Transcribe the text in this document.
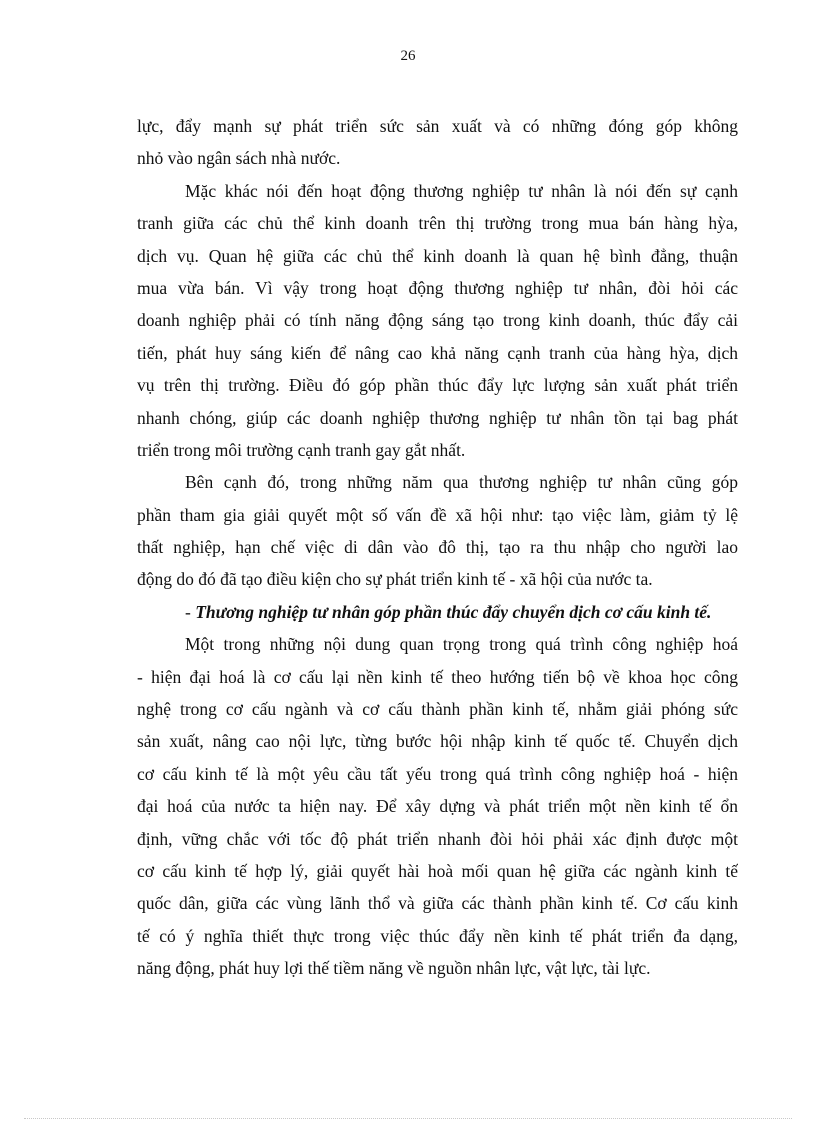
26
lực, đẩy mạnh sự phát triển sức sản xuất và có những đóng góp không
nhỏ vào ngân sách nhà nước.
Mặc khác nói đến hoạt động thương nghiệp tư nhân là nói đến sự cạnh
tranh giữa các chủ thể kinh doanh trên thị trường trong mua bán hàng hỳa,
dịch vụ. Quan hệ giữa các chủ thể kinh doanh là quan hệ bình đẳng, thuận
mua vừa bán. Vì vậy trong hoạt động thương nghiệp tư nhân, đòi hỏi các
doanh nghiệp phải có tính năng động sáng tạo trong kinh doanh, thúc đẩy cải
tiến, phát huy sáng kiến để nâng cao khả năng cạnh tranh của hàng hỳa, dịch
vụ trên thị trường. Điều đó góp phần thúc đẩy lực lượng sản xuất phát triển
nhanh chóng, giúp các doanh nghiệp thương nghiệp tư nhân tồn tại bag phát
triển trong môi trường cạnh tranh gay gắt nhất.
Bên cạnh đó, trong những năm qua thương nghiệp tư nhân cũng góp
phần tham gia giải quyết một số vấn đề xã hội như: tạo việc làm, giảm tỷ lệ
thất nghiệp, hạn chế việc di dân vào đô thị, tạo ra thu nhập cho người lao
động do đó đã tạo điều kiện cho sự phát triển kinh tế - xã hội của nước ta.
- Thương nghiệp tư nhân góp phần thúc đẩy chuyển dịch cơ cấu kinh tế.
Một trong những nội dung quan trọng trong quá trình công nghiệp hoá
- hiện đại hoá là cơ cấu lại nền kinh tế theo hướng tiến bộ về khoa học công
nghệ trong cơ cấu ngành và cơ cấu thành phần kinh tế, nhằm giải phóng sức
sản xuất, nâng cao nội lực, từng bước hội nhập kinh tế quốc tế. Chuyển dịch
cơ cấu kinh tế là một yêu cầu tất yếu trong quá trình công nghiệp hoá - hiện
đại hoá của nước ta hiện nay. Để xây dựng và phát triển một nền kinh tế ổn
định, vững chắc với tốc độ phát triển nhanh đòi hỏi phải xác định được một
cơ cấu kinh tế hợp lý, giải quyết hài hoà mối quan hệ giữa các ngành kinh tế
quốc dân, giữa các vùng lãnh thổ và giữa các thành phần kinh tế. Cơ cấu kinh
tế có ý nghĩa thiết thực trong việc thúc đẩy nền kinh tế phát triển đa dạng,
năng động, phát huy lợi thế tiềm năng về nguồn nhân lực, vật lực, tài lực.
